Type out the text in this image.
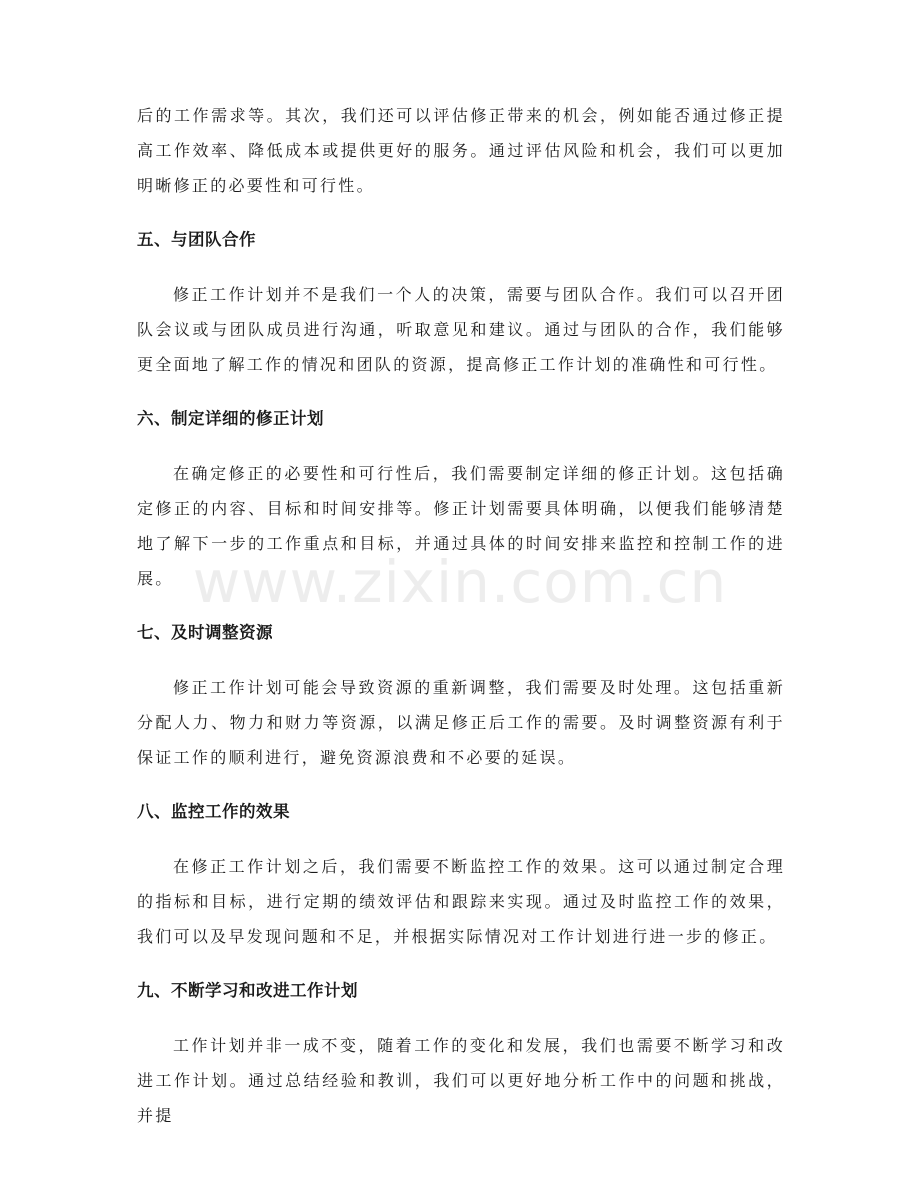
后的工作需求等。其次，我们还可以评估修正带来的机会，例如能否通过修正提高工作效率、降低成本或提供更好的服务。通过评估风险和机会，我们可以更加明晰修正的必要性和可行性。

五、与团队合作

修正工作计划并不是我们一个人的决策，需要与团队合作。我们可以召开团队会议或与团队成员进行沟通，听取意见和建议。通过与团队的合作，我们能够更全面地了解工作的情况和团队的资源，提高修正工作计划的准确性和可行性。

六、制定详细的修正计划

在确定修正的必要性和可行性后，我们需要制定详细的修正计划。这包括确定修正的内容、目标和时间安排等。修正计划需要具体明确，以便我们能够清楚地了解下一步的工作重点和目标，并通过具体的时间安排来监控和控制工作的进展。

七、及时调整资源

修正工作计划可能会导致资源的重新调整，我们需要及时处理。这包括重新分配人力、物力和财力等资源，以满足修正后工作的需要。及时调整资源有利于保证工作的顺利进行，避免资源浪费和不必要的延误。

八、监控工作的效果

在修正工作计划之后，我们需要不断监控工作的效果。这可以通过制定合理的指标和目标，进行定期的绩效评估和跟踪来实现。通过及时监控工作的效果，我们可以及早发现问题和不足，并根据实际情况对工作计划进行进一步的修正。

九、不断学习和改进工作计划

工作计划并非一成不变，随着工作的变化和发展，我们也需要不断学习和改进工作计划。通过总结经验和教训，我们可以更好地分析工作中的问题和挑战，并提

www.zixin.com.cn
